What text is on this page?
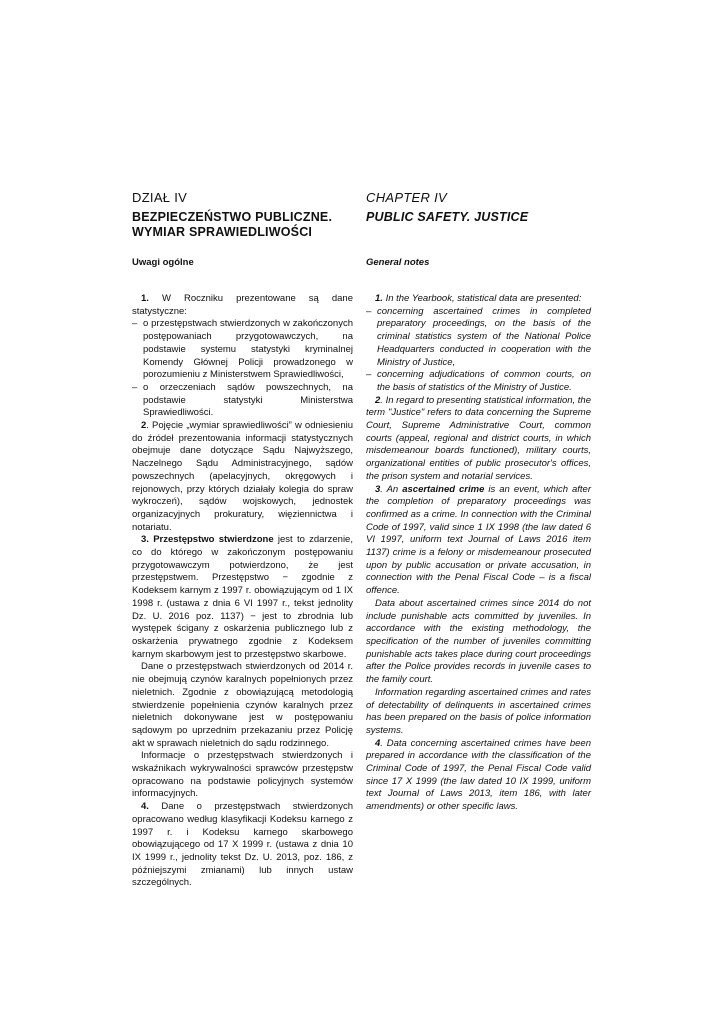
DZIAŁ IV
BEZPIECZEŃSTWO PUBLICZNE.
WYMIAR SPRAWIEDLIWOŚCI
Uwagi ogólne

1. W Roczniku prezentowane są dane statystyczne:

– o przestępstwach stwierdzonych w zakończonych postępowaniach przygotowawczych, na podstawie systemu statystyki kryminalnej Komendy Głównej Policji prowadzonego w porozumieniu z Ministerstwem Sprawiedliwości,
– o orzeczeniach sądów powszechnych, na podstawie statystyki Ministerstwa Sprawiedliwości.

2. Pojęcie „wymiar sprawiedliwości” w odniesieniu do źródeł prezentowania informacji statystycznych obejmuje dane dotyczące Sądu Najwyższego, Naczelnego Sądu Administracyjnego, sądów powszechnych (apelacyjnych, okręgowych i rejonowych, przy których działały kolegia do spraw wykroczeń), sądów wojskowych, jednostek organizacyjnych prokuratury, więziennictwa i notariatu.

3. Przestępstwo stwierdzone jest to zdarzenie, co do którego w zakończonym postępowaniu przygotowawczym potwierdzono, że jest przestępstwem. Przestępstwo − zgodnie z Kodeksem karnym z 1997 r. obowiązującym od 1 IX 1998 r. (ustawa z dnia 6 VI 1997 r., tekst jednolity Dz. U. 2016 poz. 1137) − jest to zbrodnia lub występek ścigany z oskarżenia publicznego lub z oskarżenia prywatnego zgodnie z Kodeksem karnym skarbowym jest to przestępstwo skarbowe.

Dane o przestępstwach stwierdzonych od 2014 r. nie obejmują czynów karalnych popełnionych przez nieletnich. Zgodnie z obowiązującą metodologią stwierdzenie popełnienia czynów karalnych przez nieletnich dokonywane jest w postępowaniu sądowym po uprzednim przekazaniu przez Policję akt w sprawach nieletnich do sądu rodzinnego.

Informacje o przestępstwach stwierdzonych i wskaźnikach wykrywalności sprawców przestępstw opracowano na podstawie policyjnych systemów informacyjnych.

4. Dane o przestępstwach stwierdzonych opracowano według klasyfikacji Kodeksu karnego z 1997 r. i Kodeksu karnego skarbowego obowiązującego od 17 X 1999 r. (ustawa z dnia 10 IX 1999 r., jednolity tekst Dz. U. 2013, poz. 186, z późniejszymi zmianami) lub innych ustaw szczególnych.

CHAPTER IV
PUBLIC SAFETY. JUSTICE
General notes

1. In the Yearbook, statistical data are presented:

– concerning ascertained crimes in completed preparatory proceedings, on the basis of the criminal statistics system of the National Police Headquarters conducted in cooperation with the Ministry of Justice,
– concerning adjudications of common courts, on the basis of statistics of the Ministry of Justice.

2. In regard to presenting statistical information, the term "Justice" refers to data concerning the Supreme Court, Supreme Administrative Court, common courts (appeal, regional and district courts, in which misdemeanour boards functioned), military courts, organizational entities of public prosecutor's offices, the prison system and notarial services.

3. An ascertained crime is an event, which after the completion of preparatory proceedings was confirmed as a crime. In connection with the Criminal Code of 1997, valid since 1 IX 1998 (the law dated 6 VI 1997, uniform text Journal of Laws 2016 item 1137) crime is a felony or misdemeanour prosecuted upon by public accusation or private accusation, in connection with the Penal Fiscal Code – is a fiscal offence.

Data about ascertained crimes since 2014 do not include punishable acts committed by juveniles. In accordance with the existing methodology, the specification of the number of juveniles committing punishable acts takes place during court proceedings after the Police provides records in juvenile cases to the family court.

Information regarding ascertained crimes and rates of detectability of delinquents in ascertained crimes has been prepared on the basis of police information systems.

4. Data concerning ascertained crimes have been prepared in accordance with the classification of the Criminal Code of 1997, the Penal Fiscal Code valid since 17 X 1999 (the law dated 10 IX 1999, uniform text Journal of Laws 2013, item 186, with later amendments) or other specific laws.
